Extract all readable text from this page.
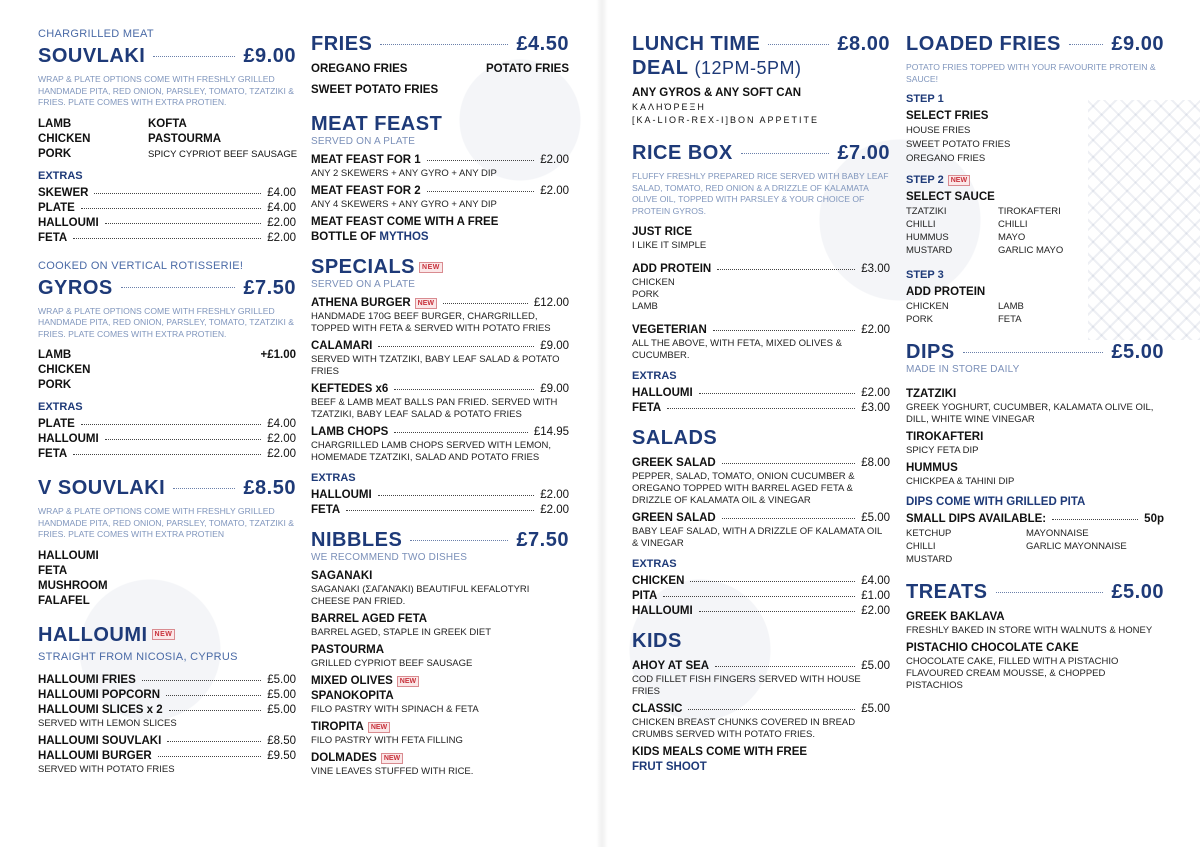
CHARGRILLED MEAT
SOUVLAKI	£9.00
WRAP & PLATE OPTIONS COME WITH FRESHLY GRILLED HANDMADE PITA, RED ONION, PARSLEY, TOMATO, TZATZIKI & FRIES. PLATE COMES WITH EXTRA PROTIEN.
LAMB	KOFTA
CHICKEN	PASTOURMA
PORK	SPICY CYPRIOT BEEF SAUSAGE
EXTRAS
SKEWER	£4.00
PLATE	£4.00
HALLOUMI	£2.00
FETA	£2.00
COOKED ON VERTICAL ROTISSERIE!
GYROS	£7.50
WRAP & PLATE OPTIONS COME WITH FRESHLY GRILLED HANDMADE PITA, RED ONION, PARSLEY, TOMATO, TZATZIKI & FRIES. PLATE COMES WITH EXTRA PROTIEN.
LAMB	+£1.00
CHICKEN
PORK
EXTRAS
PLATE	£4.00
HALLOUMI	£2.00
FETA	£2.00
V SOUVLAKI	£8.50
WRAP & PLATE OPTIONS COME WITH FRESHLY GRILLED HANDMADE PITA, RED ONION, PARSLEY, TOMATO, TZATZIKI & FRIES. PLATE COMES WITH EXTRA PROTIEN
HALLOUMI
FETA
MUSHROOM
FALAFEL
HALLOUMI	NEW
STRAIGHT FROM NICOSIA, CYPRUS
HALLOUMI FRIES	£5.00
HALLOUMI POPCORN	£5.00
HALLOUMI SLICES x 2	£5.00
SERVED WITH LEMON SLICES
HALLOUMI SOUVLAKI	£8.50
HALLOUMI BURGER	£9.50
SERVED WITH POTATO FRIES
FRIES	£4.50
OREGANO FRIES	POTATO FRIES
SWEET POTATO FRIES
MEAT FEAST
SERVED ON A PLATE
MEAT FEAST FOR 1	£2.00
ANY 2 SKEWERS + ANY GYRO + ANY DIP
MEAT FEAST FOR 2	£2.00
ANY 4 SKEWERS + ANY GYRO + ANY DIP
MEAT FEAST COME WITH A FREE
BOTTLE OF
MYTHOS
SPECIALS	NEW
SERVED ON A PLATE
ATHENA BURGER	NEW	£12.00
HANDMADE 170G BEEF BURGER, CHARGRILLED, TOPPED WITH FETA & SERVED WITH POTATO FRIES
CALAMARI	£9.00
SERVED WITH TZATZIKI, BABY LEAF SALAD & POTATO FRIES
KEFTEDES x6	£9.00
BEEF & LAMB MEAT BALLS PAN FRIED. SERVED WITH TZATZIKI, BABY LEAF SALAD & POTATO FRIES
LAMB CHOPS	£14.95
CHARGRILLED LAMB CHOPS SERVED WITH LEMON, HOMEMADE TZATZIKI, SALAD AND POTATO FRIES
EXTRAS
HALLOUMI	£2.00
FETA	£2.00
NIBBLES	£7.50
WE RECOMMEND TWO DISHES
SAGANAKI
SAGANAKI (ΣΑΓΑΝΆΚΙ) BEAUTIFUL KEFALOTYRI CHEESE PAN FRIED.
BARREL AGED FETA
BARREL AGED, STAPLE IN GREEK DIET
PASTOURMA
GRILLED CYPRIOT BEEF SAUSAGE
MIXED OLIVES	NEW
SPANOKOPITA
FILO PASTRY WITH SPINACH & FETA
TIROPITA	NEW
FILO PASTRY WITH FETA FILLING
DOLMADES	NEW
VINE LEAVES STUFFED WITH RICE.
LUNCH TIME	£8.00
DEAL
(12PM-5PM)
ANY GYROS & ANY SOFT CAN
ΚΑΛΗΌΡΕΞΗ
[KA-LIOR-REX-I]BON APPETITE
RICE BOX	£7.00
FLUFFY FRESHLY PREPARED RICE SERVED WITH BABY LEAF SALAD, TOMATO, RED ONION & A DRIZZLE OF KALAMATA OLIVE OIL, TOPPED WITH PARSLEY & YOUR CHOICE OF PROTEIN GYROS.
JUST RICE
I LIKE IT SIMPLE
ADD PROTEIN	£3.00
CHICKEN
PORK
LAMB
VEGETERIAN	£2.00
ALL THE ABOVE, WITH FETA, MIXED OLIVES & CUCUMBER.
EXTRAS
HALLOUMI	£2.00
FETA	£3.00
SALADS
GREEK SALAD	£8.00
PEPPER, SALAD, TOMATO, ONION CUCUMBER & OREGANO TOPPED WITH BARREL AGED FETA & DRIZZLE OF KALAMATA OIL & VINEGAR
GREEN SALAD	£5.00
BABY LEAF SALAD, WITH A DRIZZLE OF KALAMATA OIL & VINEGAR
EXTRAS
CHICKEN	£4.00
PITA	£1.00
HALLOUMI	£2.00
KIDS
AHOY AT SEA	£5.00
COD FILLET FISH FINGERS SERVED WITH HOUSE FRIES
CLASSIC	£5.00
CHICKEN BREAST CHUNKS COVERED IN BREAD CRUMBS SERVED WITH POTATO FRIES.
KIDS MEALS COME WITH FREE
FRUT SHOOT
LOADED FRIES	£9.00
POTATO FRIES TOPPED WITH YOUR FAVOURITE PROTEIN & SAUCE!
STEP 1
SELECT FRIES
HOUSE FRIES
SWEET POTATO FRIES
OREGANO FRIES
STEP 2 NEW
SELECT SAUCE
TZATZIKI	TIROKAFTERI
CHILLI	CHILLI
HUMMUS	MAYO
MUSTARD	GARLIC MAYO
STEP 3
ADD PROTEIN
CHICKEN	LAMB
PORK	FETA
DIPS	£5.00
MADE IN STORE DAILY
TZATZIKI
GREEK YOGHURT, CUCUMBER, KALAMATA OLIVE OIL, DILL, WHITE WINE VINEGAR
TIROKAFTERI
SPICY FETA DIP
HUMMUS
CHICKPEA & TAHINI DIP
DIPS COME WITH GRILLED PITA
SMALL DIPS AVAILABLE:	50p
KETCHUP	MAYONNAISE
CHILLI	GARLIC MAYONNAISE
MUSTARD
TREATS	£5.00
GREEK BAKLAVA
FRESHLY BAKED IN STORE WITH WALNUTS & HONEY
PISTACHIO CHOCOLATE CAKE
CHOCOLATE CAKE, FILLED WITH A PISTACHIO FLAVOURED CREAM MOUSSE, & CHOPPED PISTACHIOS
